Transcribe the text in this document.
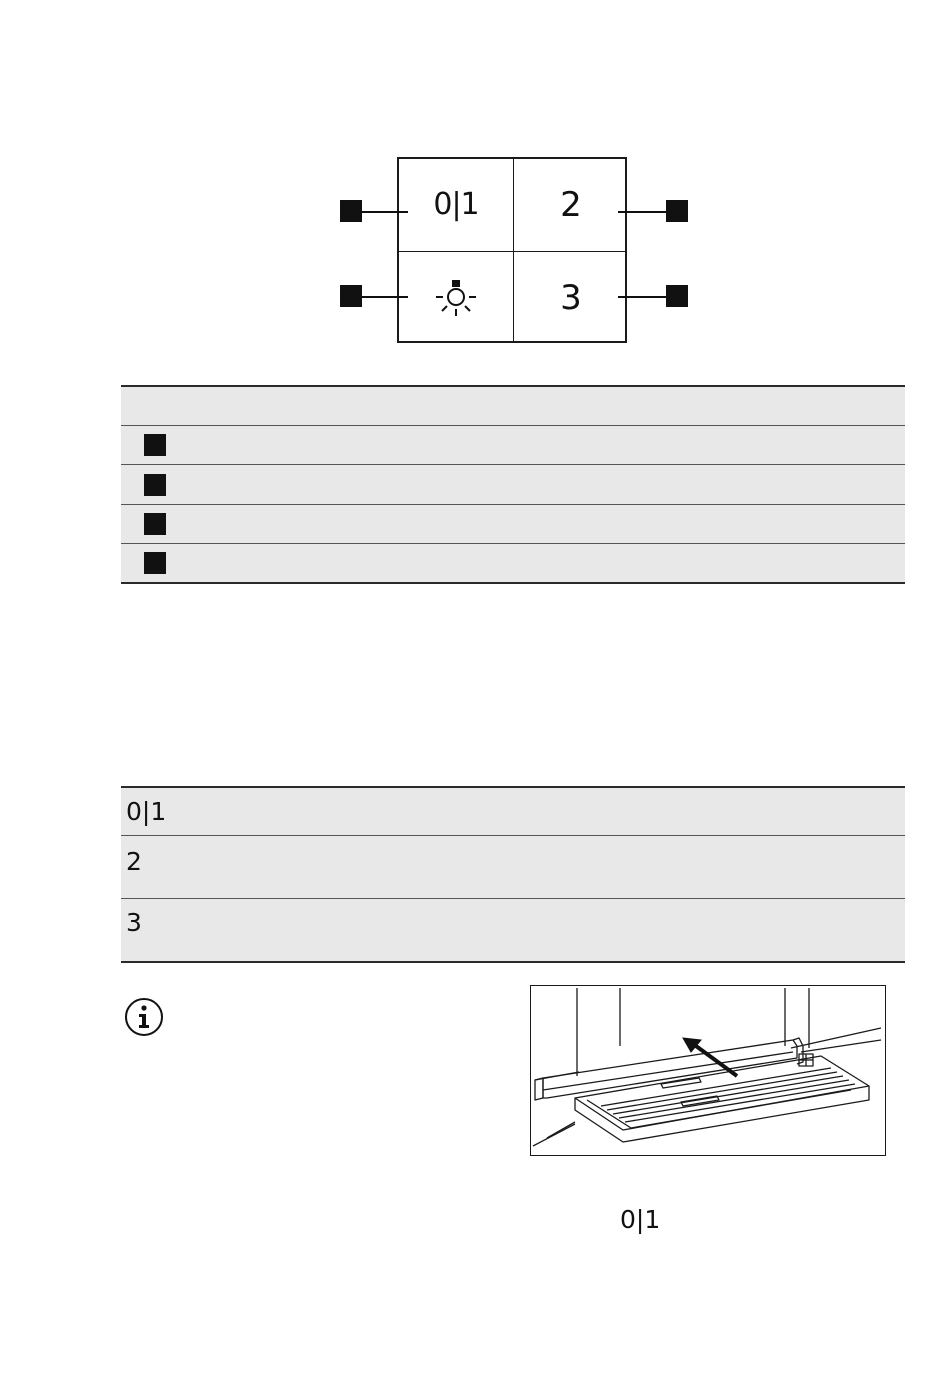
0|1 2
3
0|1
2
3
0|1
